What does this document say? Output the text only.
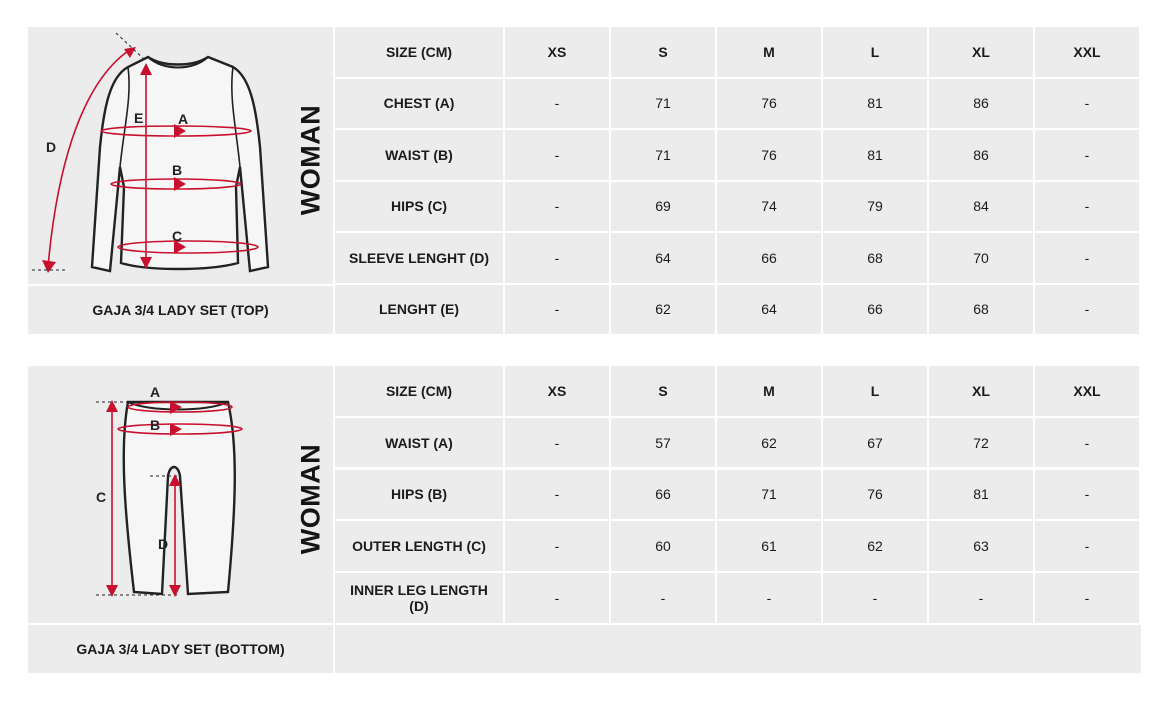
A
B
C
D
E	WOMAN
GAJA 3/4 LADY SET (TOP)
SIZE (CM)	XS	S	M	L	XL	XXL
CHEST (A)	-	71	76	81	86	-
WAIST (B)	-	71	76	81	86	-
HIPS (C)	-	69	74	79	84	-
SLEEVE LENGHT (D)	-	64	66	68	70	-
LENGHT (E)	-	62	64	66	68	-
A
B
C
D	WOMAN
GAJA 3/4 LADY SET (BOTTOM)
SIZE (CM)	XS	S	M	L	XL	XXL
WAIST (A)	-	57	62	67	72	-
HIPS (B)	-	66	71	76	81	-
OUTER LENGTH (C)	-	60	61	62	63	-
INNER LEG LENGTH (D)	-	-	-	-	-	-
